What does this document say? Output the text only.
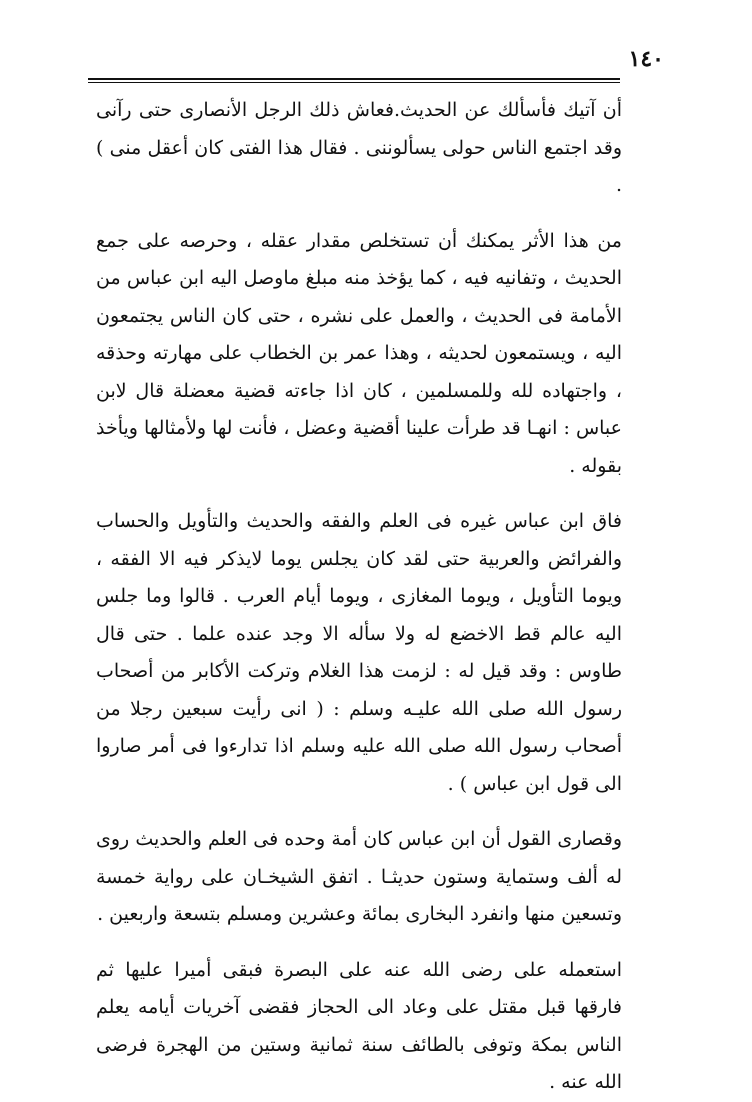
١٤٠

أن آتيك فأسألك عن الحديث.فعاش ذلك الرجل الأنصارى حتى رآنى وقد اجتمع الناس حولى يسألوننى . فقال هذا الفتى كان أعقل منى ) .

من هذا الأثر يمكنك أن تستخلص مقدار عقله ، وحرصه على جمع الحديث ، وتفانيه فيه ، كما يؤخذ منه مبلغ ماوصل اليه ابن عباس من الأمامة فى الحديث ، والعمل على نشره ، حتى كان الناس يجتمعون اليه ، ويستمعون لحديثه ، وهذا عمر بن الخطاب على مهارته وحذقه ، واجتهاده لله وللمسلمين ، كان اذا جاءته قضية معضلة قال لابن عباس : انهـا قد طرأت علينا أقضية وعضل ، فأنت لها ولأمثالها ويأخذ بقوله .

فاق ابن عباس غيره فى العلم والفقه والحديث والتأويل والحساب والفرائض والعربية حتى لقد كان يجلس يوما لايذكر فيه الا الفقه ، ويوما التأويل ، ويوما المغازى ، ويوما أيام العرب . قالوا وما جلس اليه عالم قط الاخضع له ولا سأله الا وجد عنده علما . حتى قال طاوس : وقد قيل له : لزمت هذا الغلام وتركت الأكابر من أصحاب رسول الله صلى الله عليـه وسلم : ( انى رأيت سبعين رجلا من أصحاب رسول الله صلى الله عليه وسلم اذا تدارءوا فى أمر صاروا الى قول ابن عباس ) .

وقصارى القول أن ابن عباس كان أمة وحده فى العلم والحديث روى له ألف وستماية وستون حديثـا . اتفق الشيخـان على رواية خمسة وتسعين منها وانفرد البخارى بمائة وعشرين ومسلم بتسعة واربعين .

استعمله على رضى الله عنه على البصرة فبقى أميرا عليها ثم فارقها قبل مقتل على وعاد الى الحجاز فقضى آخريات أيامه يعلم الناس بمكة وتوفى بالطائف سنة ثمانية وستين من الهجرة فرضى الله عنه .
